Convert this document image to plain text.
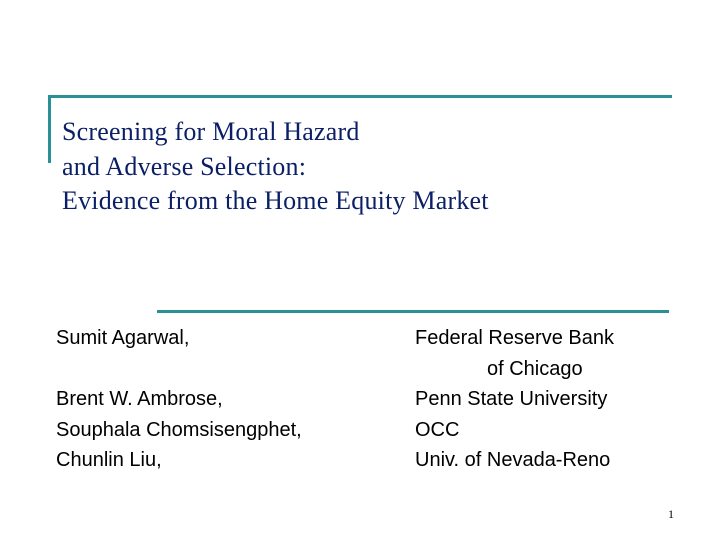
Screening for Moral Hazard
and Adverse Selection:
Evidence from the Home Equity Market
Sumit Agarwal,
Brent W. Ambrose,
Souphala Chomsisengphet,
Chunlin Liu,
Federal Reserve Bank
of Chicago
Penn State University
OCC
Univ. of Nevada-Reno
1
